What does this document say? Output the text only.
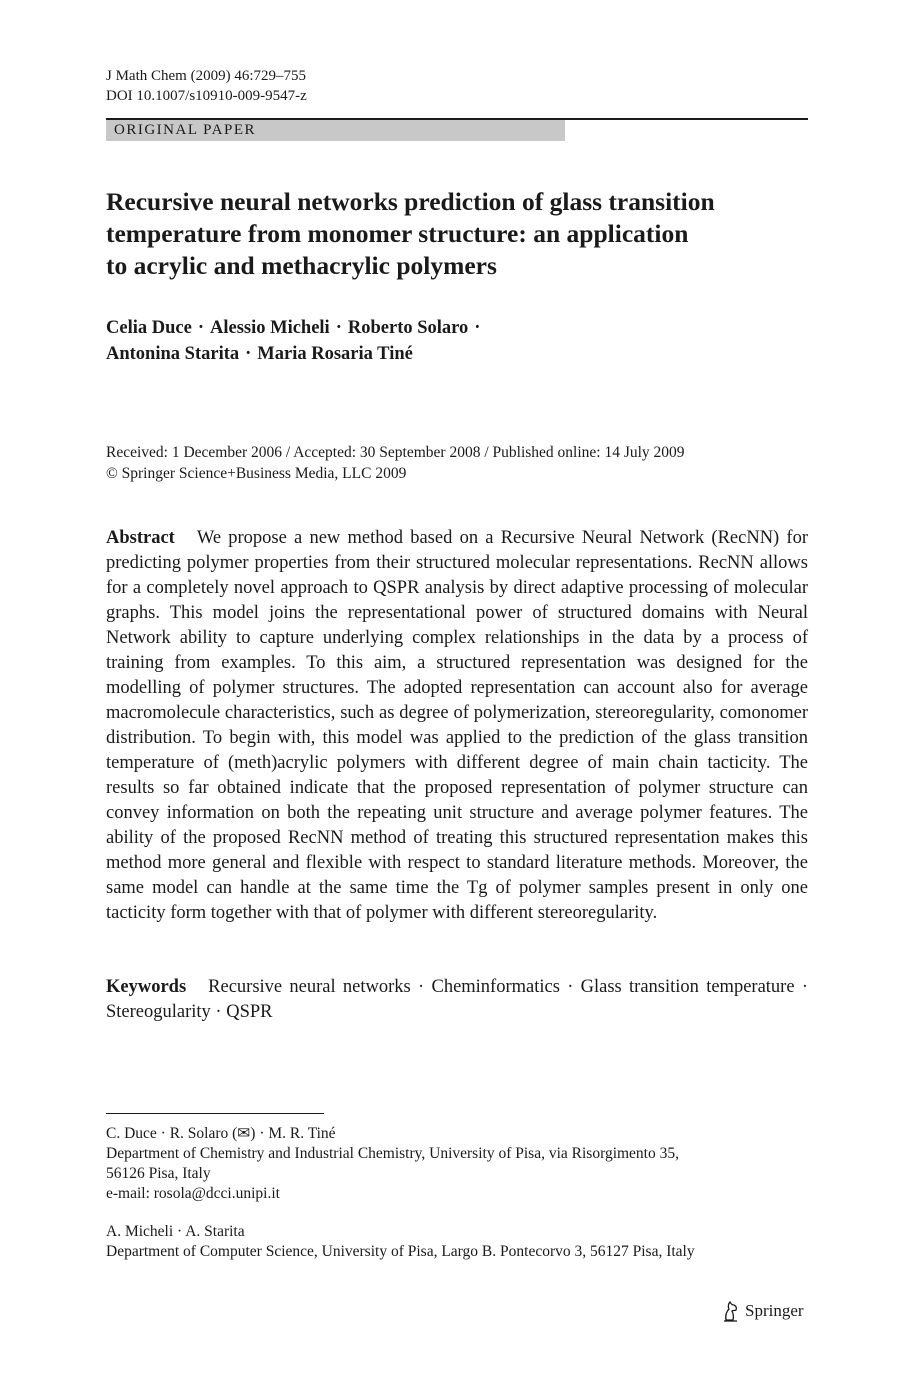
J Math Chem (2009) 46:729–755
DOI 10.1007/s10910-009-9547-z
ORIGINAL PAPER
Recursive neural networks prediction of glass transition
temperature from monomer structure: an application
to acrylic and methacrylic polymers
Celia Duce · Alessio Micheli · Roberto Solaro ·
Antonina Starita · Maria Rosaria Tiné
Received: 1 December 2006 / Accepted: 30 September 2008 / Published online: 14 July 2009
© Springer Science+Business Media, LLC 2009

Abstract We propose a new method based on a Recursive Neural Network (RecNN) for predicting polymer properties from their structured molecular representations. RecNN allows for a completely novel approach to QSPR analysis by direct adaptive processing of molecular graphs. This model joins the representational power of structured domains with Neural Network ability to capture underlying complex relationships in the data by a process of training from examples. To this aim, a structured representation was designed for the modelling of polymer structures. The adopted representation can account also for average macromolecule characteristics, such as degree of polymerization, stereoregularity, comonomer distribution. To begin with, this model was applied to the prediction of the glass transition temperature of (meth)acrylic polymers with different degree of main chain tacticity. The results so far obtained indicate that the proposed representation of polymer structure can convey information on both the repeating unit structure and average polymer features. The ability of the proposed RecNN method of treating this structured representation makes this method more general and flexible with respect to standard literature methods. Moreover, the same model can handle at the same time the Tg of polymer samples present in only one tacticity form together with that of polymer with different stereoregularity.

Keywords Recursive neural networks · Cheminformatics · Glass transition temperature · Stereogularity · QSPR

C. Duce · R. Solaro (✉) · M. R. Tiné
Department of Chemistry and Industrial Chemistry, University of Pisa, via Risorgimento 35,
56126 Pisa, Italy
e-mail: rosola@dcci.unipi.it
A. Micheli · A. Starita
Department of Computer Science, University of Pisa, Largo B. Pontecorvo 3, 56127 Pisa, Italy
Springer
